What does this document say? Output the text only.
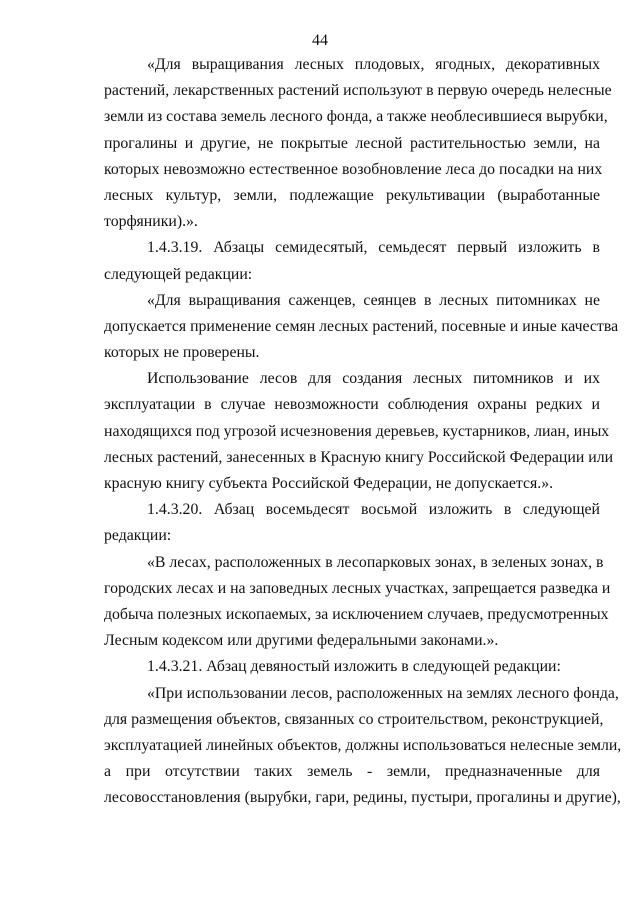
44
«Для выращивания лесных плодовых, ягодных, декоративных
растений, лекарственных растений используют в первую очередь нелесные
земли из состава земель лесного фонда, а также необлесившиеся вырубки,
прогалины и другие, не покрытые лесной растительностью земли, на
которых невозможно естественное возобновление леса до посадки на них
лесных культур, земли, подлежащие рекультивации (выработанные
торфяники).».
1.4.3.19. Абзацы семидесятый, семьдесят первый изложить в
следующей редакции:
«Для выращивания саженцев, сеянцев в лесных питомниках не
допускается применение семян лесных растений, посевные и иные качества
которых не проверены.
Использование лесов для создания лесных питомников и их
эксплуатации в случае невозможности соблюдения охраны редких и
находящихся под угрозой исчезновения деревьев, кустарников, лиан, иных
лесных растений, занесенных в Красную книгу Российской Федерации или
красную книгу субъекта Российской Федерации, не допускается.».
1.4.3.20. Абзац восемьдесят восьмой изложить в следующей
редакции:
«В лесах, расположенных в лесопарковых зонах, в зеленых зонах, в
городских лесах и на заповедных лесных участках, запрещается разведка и
добыча полезных ископаемых, за исключением случаев, предусмотренных
Лесным кодексом или другими федеральными законами.».
1.4.3.21. Абзац девяностый изложить в следующей редакции:
«При использовании лесов, расположенных на землях лесного фонда,
для размещения объектов, связанных со строительством, реконструкцией,
эксплуатацией линейных объектов, должны использоваться нелесные земли,
а при отсутствии таких земель - земли, предназначенные для
лесовосстановления (вырубки, гари, редины, пустыри, прогалины и другие),
